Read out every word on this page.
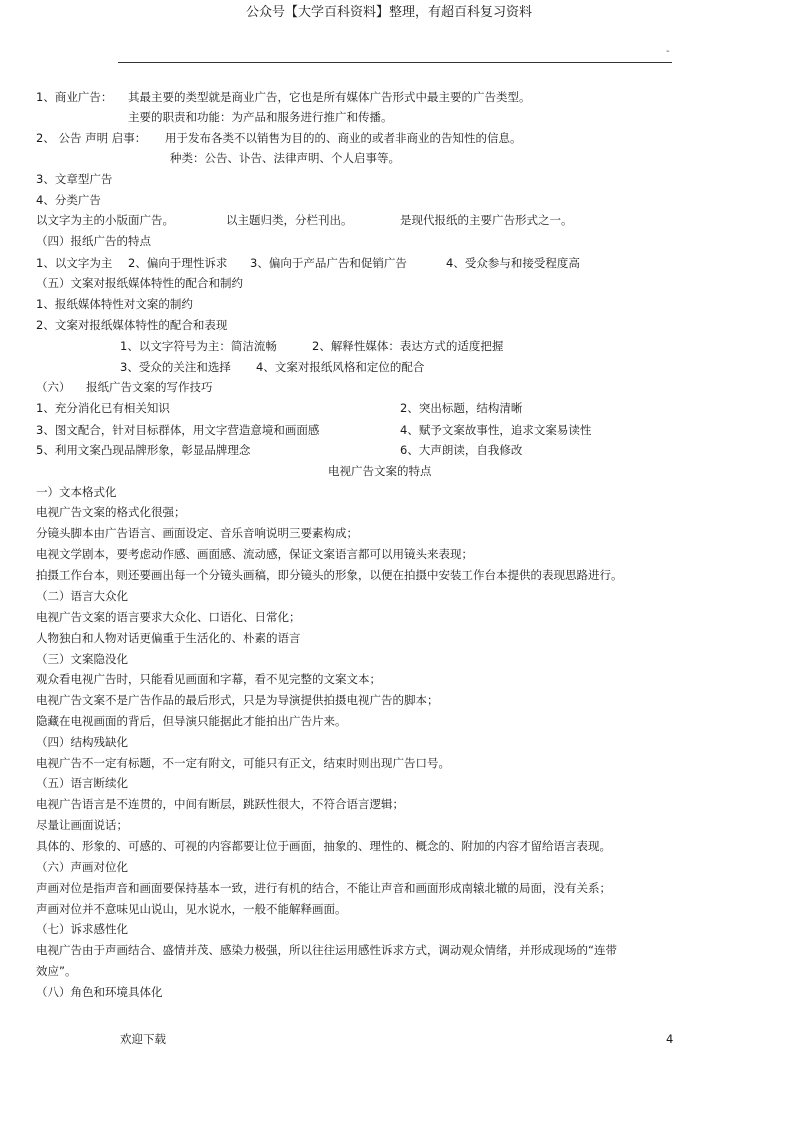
公众号【大学百科资料】整理，有超百科复习资料
-
1、商业广告： 其最主要的类型就是商业广告，它也是所有媒体广告形式中最主要的广告类型。
主要的职责和功能：为产品和服务进行推广和传播。
2、 公告 声明 启事： 用于发布各类不以销售为目的的、商业的或者非商业的告知性的信息。
种类：公告、讣告、法律声明、个人启事等。
3、文章型广告
4、分类广告
以文字为主的小版面广告。	以主题归类，分栏刊出。	是现代报纸的主要广告形式之一。
（四）报纸广告的特点
1、以文字为主 2、偏向于理性诉求 3、偏向于产品广告和促销广告	4、受众参与和接受程度高
（五）文案对报纸媒体特性的配合和制约
1、报纸媒体特性对文案的制约
2、文案对报纸媒体特性的配合和表现
1、以文字符号为主：简洁流畅	2、解释性媒体：表达方式的适度把握
3、受众的关注和选择 4、文案对报纸风格和定位的配合
（六） 报纸广告文案的写作技巧
1、充分消化已有相关知识	2、突出标题，结构清晰
3、图文配合，针对目标群体，用文字营造意境和画面感	4、赋予文案故事性，追求文案易读性
5、利用文案凸现品牌形象，彰显品牌理念	6、大声朗读，自我修改
电视广告文案的特点
一）文本格式化
电视广告文案的格式化很强；
分镜头脚本由广告语言、画面设定、音乐音响说明三要素构成；
电视文学剧本，要考虑动作感、画面感、流动感，保证文案语言都可以用镜头来表现；
拍摄工作台本，则还要画出每一个分镜头画稿，即分镜头的形象，以便在拍摄中安装工作台本提供的表现思路进行。
（二）语言大众化
电视广告文案的语言要求大众化、口语化、日常化；
人物独白和人物对话更偏重于生活化的、朴素的语言
（三）文案隐没化
观众看电视广告时，只能看见画面和字幕，看不见完整的文案文本；
电视广告文案不是广告作品的最后形式，只是为导演提供拍摄电视广告的脚本；
隐藏在电视画面的背后，但导演只能据此才能拍出广告片来。
（四）结构残缺化
电视广告不一定有标题，不一定有附文，可能只有正文，结束时则出现广告口号。
（五）语言断续化
电视广告语言是不连贯的，中间有断层，跳跃性很大，不符合语言逻辑；
尽量让画面说话；
具体的、形象的、可感的、可视的内容都要让位于画面，抽象的、理性的、概念的、附加的内容才留给语言表现。
（六）声画对位化
声画对位是指声音和画面要保持基本一致，进行有机的结合，不能让声音和画面形成南辕北辙的局面，没有关系；
声画对位并不意味见山说山，见水说水，一般不能解释画面。
（七）诉求感性化
电视广告由于声画结合、盛情并茂、感染力极强，所以往往运用感性诉求方式，调动观众情绪，并形成现场的“连带
效应”。
（八）角色和环境具体化
欢迎下载	4
